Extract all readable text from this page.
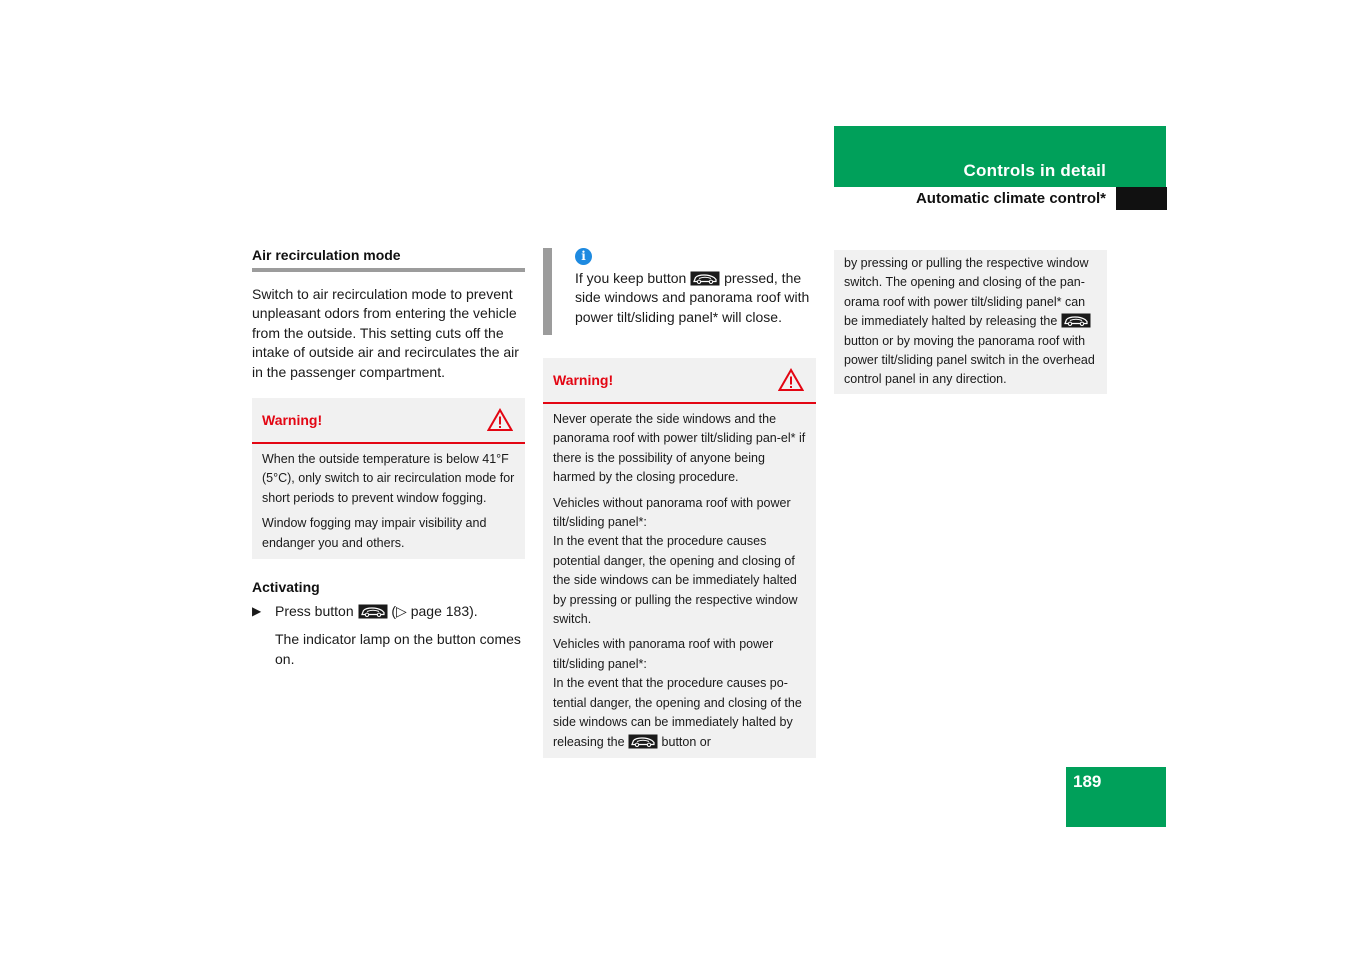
Controls in detail
Automatic climate control*

Air recirculation mode

Switch to air recirculation mode to prevent unpleasant odors from entering the vehicle from the outside. This setting cuts off the intake of outside air and recirculates the air in the passenger compartment.

Warning!

When the outside temperature is below 41°F (5°C), only switch to air recirculation mode for short periods to prevent window fogging.

Window fogging may impair visibility and endanger you and others.

Activating

▶ Press button	(▷ page 183).

The indicator lamp on the button comes on.

i

If you keep button	pressed, the side windows and panorama roof with power tilt/sliding panel* will close.

Warning!

Never operate the side windows and the panorama roof with power tilt/sliding pan-el* if there is the possibility of anyone being harmed by the closing procedure.

Vehicles without panorama roof with power tilt/sliding panel*:
In the event that the procedure causes potential danger, the opening and closing of the side windows can be immediately halted by pressing or pulling the respective window switch.

Vehicles with panorama roof with power tilt/sliding panel*:
In the event that the procedure causes po-tential danger, the opening and closing of the side windows can be immediately halted by releasing the	button or

by pressing or pulling the respective window switch. The opening and closing of the pan-orama roof with power tilt/sliding panel* can be immediately halted by releasing the  button or by moving the panorama roof with power tilt/sliding panel switch in the overhead control panel in any direction.

189
